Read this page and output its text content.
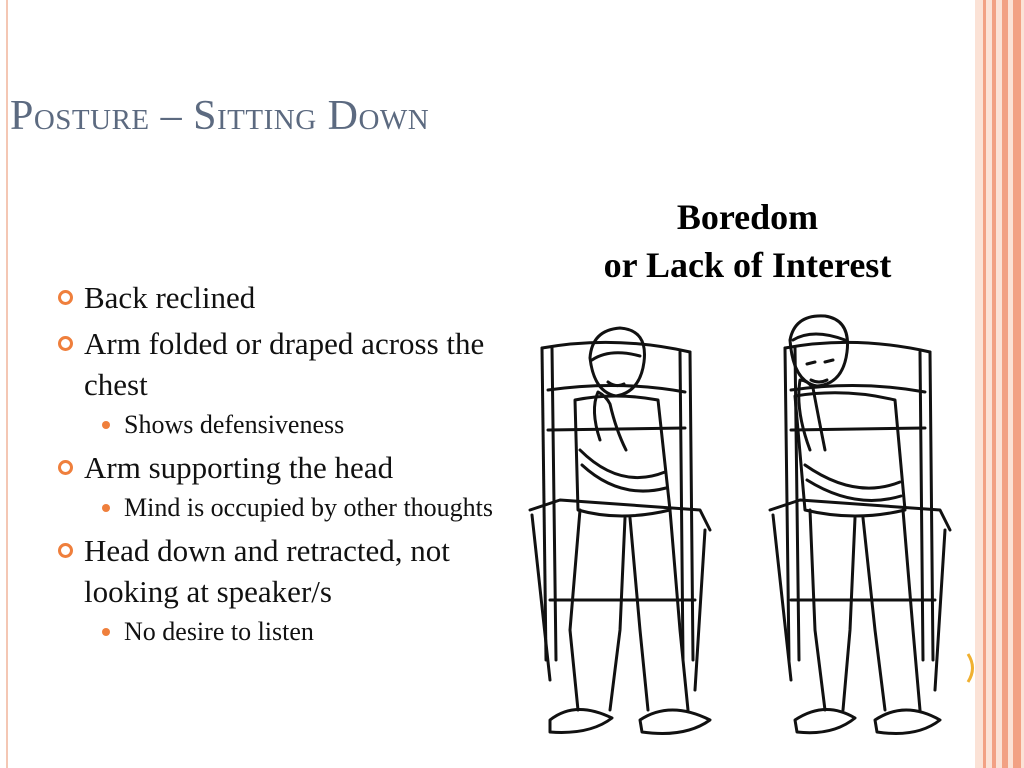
Posture – Sitting Down
Boredom
or Lack of Interest
Back reclined
Arm folded or draped across the chest
Shows defensiveness
Arm supporting the head
Mind is occupied by other thoughts
Head down and retracted, not looking at speaker/s
No desire to listen
